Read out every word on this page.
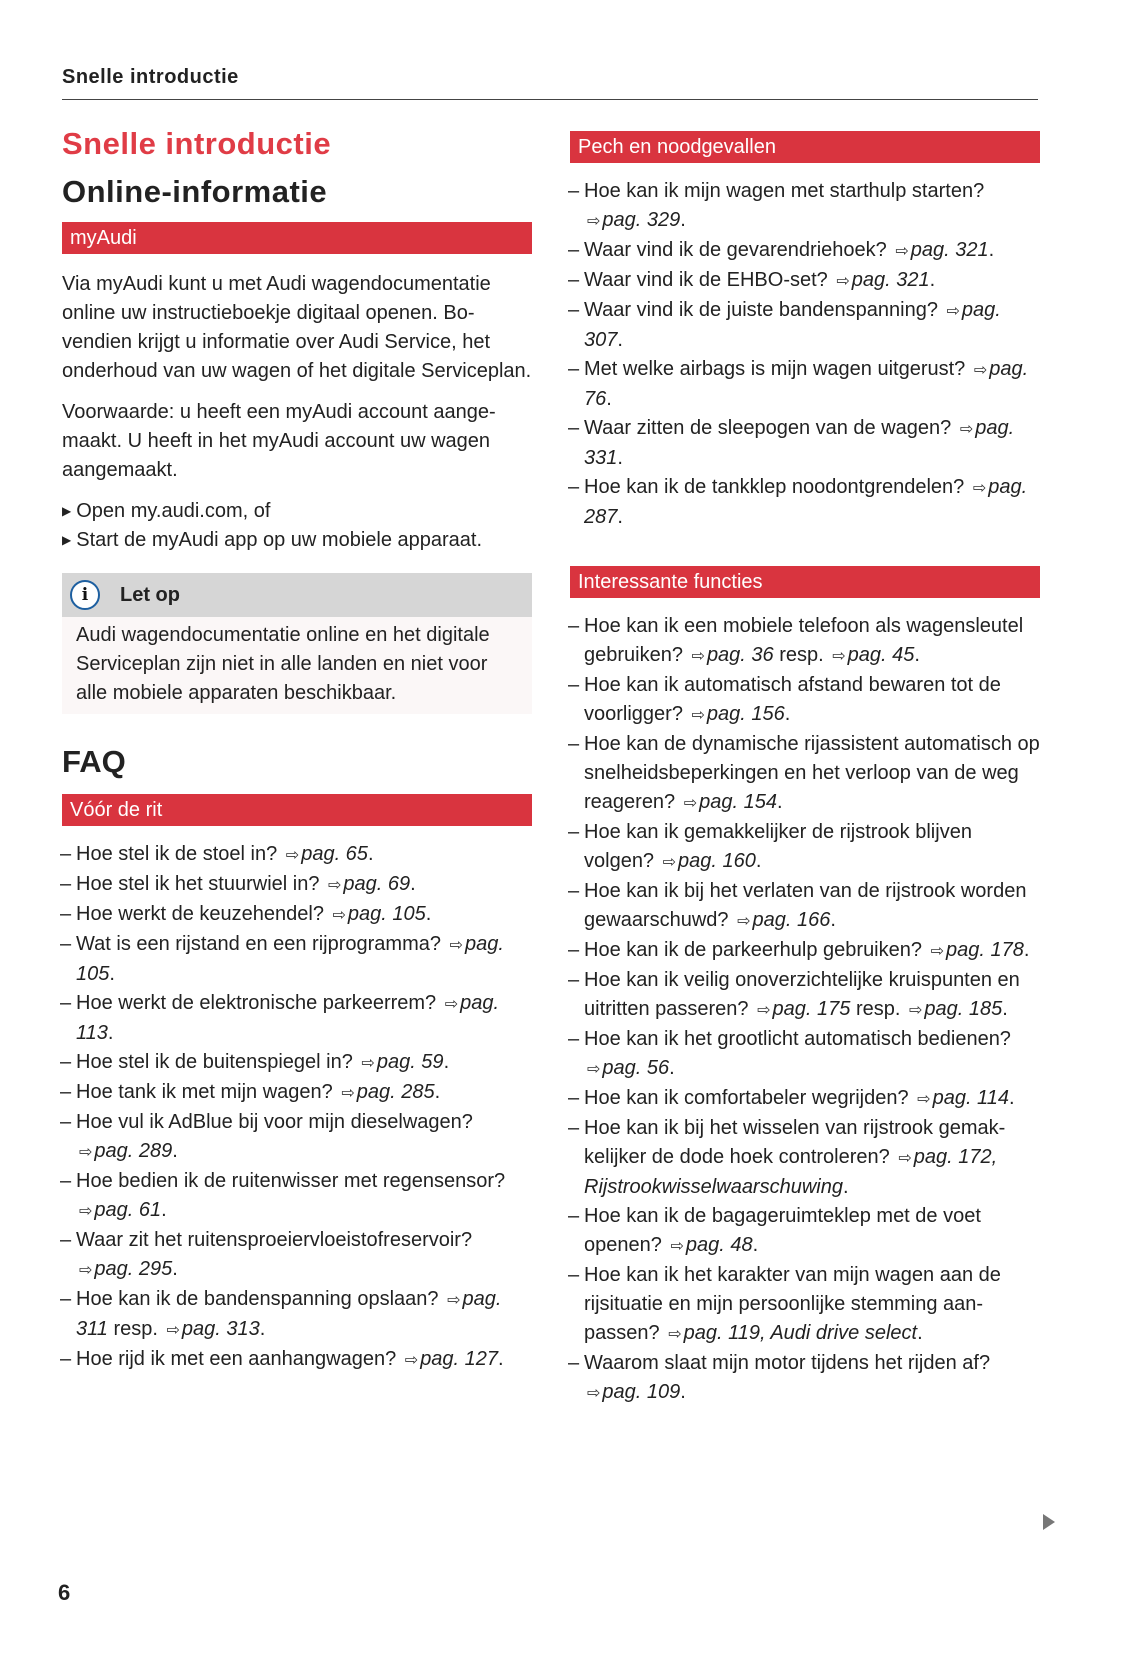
Snelle introductie
Snelle introductie
Online-informatie
myAudi

Via myAudi kunt u met Audi wagendocumentatie online uw instructieboekje digitaal openen. Bovendien krijgt u informatie over Audi Service, het onderhoud van uw wagen of het digitale Serviceplan.

Voorwaarde: u heeft een myAudi account aangemaakt. U heeft in het myAudi account uw wagen aangemaakt.

▶ Open my.audi.com, of
▶ Start de myAudi app op uw mobiele apparaat.
i	Let op
Audi wagendocumentatie online en het digitale Serviceplan zijn niet in alle landen en niet voor alle mobiele apparaten beschikbaar.
FAQ
Vóór de rit
– Hoe stel ik de stoel in? ⇨ pag. 65.
– Hoe stel ik het stuurwiel in? ⇨ pag. 69.
– Hoe werkt de keuzehendel? ⇨ pag. 105.
– Wat is een rijstand en een rijprogramma? ⇨ pag. 105.
– Hoe werkt de elektronische parkeerrem? ⇨ pag. 113.
– Hoe stel ik de buitenspiegel in? ⇨ pag. 59.
– Hoe tank ik met mijn wagen? ⇨ pag. 285.
– Hoe vul ik AdBlue bij voor mijn dieselwagen? ⇨ pag. 289.
– Hoe bedien ik de ruitenwisser met regensensor? ⇨ pag. 61.
– Waar zit het ruitensproeiervloeistofreservoir? ⇨ pag. 295.
– Hoe kan ik de bandenspanning opslaan? ⇨ pag. 311 resp. ⇨ pag. 313.
– Hoe rijd ik met een aanhangwagen? ⇨ pag. 127.
Pech en noodgevallen
– Hoe kan ik mijn wagen met starthulp starten? ⇨ pag. 329.
– Waar vind ik de gevarendriehoek? ⇨ pag. 321.
– Waar vind ik de EHBO-set? ⇨ pag. 321.
– Waar vind ik de juiste bandenspanning? ⇨ pag. 307.
– Met welke airbags is mijn wagen uitgerust? ⇨ pag. 76.
– Waar zitten de sleepogen van de wagen? ⇨ pag. 331.
– Hoe kan ik de tankklep noodontgrendelen? ⇨ pag. 287.
Interessante functies
– Hoe kan ik een mobiele telefoon als wagensleutel gebruiken? ⇨ pag. 36 resp. ⇨ pag. 45.
– Hoe kan ik automatisch afstand bewaren tot de voorligger? ⇨ pag. 156.
– Hoe kan de dynamische rijassistent automatisch op snelheidsbeperkingen en het verloop van de weg reageren? ⇨ pag. 154.
– Hoe kan ik gemakkelijker de rijstrook blijven volgen? ⇨ pag. 160.
– Hoe kan ik bij het verlaten van de rijstrook worden gewaarschuwd? ⇨ pag. 166.
– Hoe kan ik de parkeerhulp gebruiken? ⇨ pag. 178.
– Hoe kan ik veilig onoverzichtelijke kruispunten en uitritten passeren? ⇨ pag. 175 resp. ⇨ pag. 185.
– Hoe kan ik het grootlicht automatisch bedienen? ⇨ pag. 56.
– Hoe kan ik comfortabeler wegrijden? ⇨ pag. 114.
– Hoe kan ik bij het wisselen van rijstrook gemakkelijker de dode hoek controleren? ⇨ pag. 172, Rijstrookwisselwaarschuwing.
– Hoe kan ik de bagageruimteklep met de voet openen? ⇨ pag. 48.
– Hoe kan ik het karakter van mijn wagen aan de rijsituatie en mijn persoonlijke stemming aanpassen? ⇨ pag. 119, Audi drive select.
– Waarom slaat mijn motor tijdens het rijden af? ⇨ pag. 109.
6
